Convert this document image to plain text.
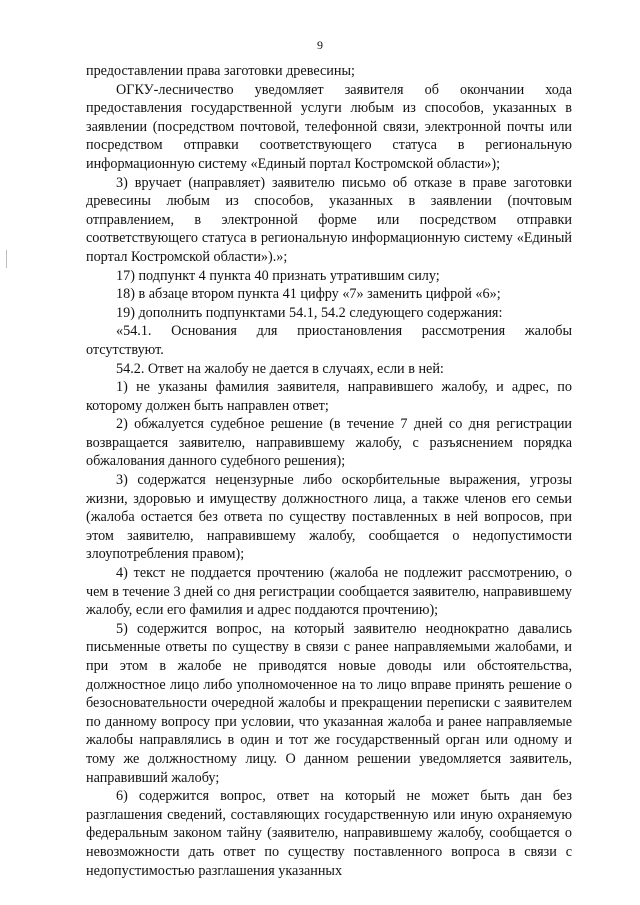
9

предоставлении права заготовки древесины;

ОГКУ-лесничество уведомляет заявителя об окончании хода предоставления государственной услуги любым из способов, указанных в заявлении (посредством почтовой, телефонной связи, электронной почты или посредством отправки соответствующего статуса в региональную информационную систему «Единый портал Костромской области»);

3) вручает (направляет) заявителю письмо об отказе в праве заготовки древесины любым из способов, указанных в заявлении (почтовым отправлением, в электронной форме или посредством отправки соответствующего статуса в региональную информационную систему «Единый портал Костромской области»).»;

17) подпункт 4 пункта 40 признать утратившим силу;

18) в абзаце втором пункта 41 цифру «7» заменить цифрой «6»;

19) дополнить подпунктами 54.1, 54.2 следующего содержания:

«54.1. Основания для приостановления рассмотрения жалобы отсутствуют.

54.2. Ответ на жалобу не дается в случаях, если в ней:

1) не указаны фамилия заявителя, направившего жалобу, и адрес, по которому должен быть направлен ответ;

2) обжалуется судебное решение (в течение 7 дней со дня регистрации возвращается заявителю, направившему жалобу, с разъяснением порядка обжалования данного судебного решения);

3) содержатся нецензурные либо оскорбительные выражения, угрозы жизни, здоровью и имуществу должностного лица, а также членов его семьи (жалоба остается без ответа по существу поставленных в ней вопросов, при этом заявителю, направившему жалобу, сообщается о недопустимости злоупотребления правом);

4) текст не поддается прочтению (жалоба не подлежит рассмотрению, о чем в течение 3 дней со дня регистрации сообщается заявителю, направившему жалобу, если его фамилия и адрес поддаются прочтению);

5) содержится вопрос, на который заявителю неоднократно давались письменные ответы по существу в связи с ранее направляемыми жалобами, и при этом в жалобе не приводятся новые доводы или обстоятельства, должностное лицо либо уполномоченное на то лицо вправе принять решение о безосновательности очередной жалобы и прекращении переписки с заявителем по данному вопросу при условии, что указанная жалоба и ранее направляемые жалобы направлялись в один и тот же государственный орган или одному и тому же должностному лицу. О данном решении уведомляется заявитель, направивший жалобу;

6) содержится вопрос, ответ на который не может быть дан без разглашения сведений, составляющих государственную или иную охраняемую федеральным законом тайну (заявителю, направившему жалобу, сообщается о невозможности дать ответ по существу поставленного вопроса в связи с недопустимостью разглашения указанных
